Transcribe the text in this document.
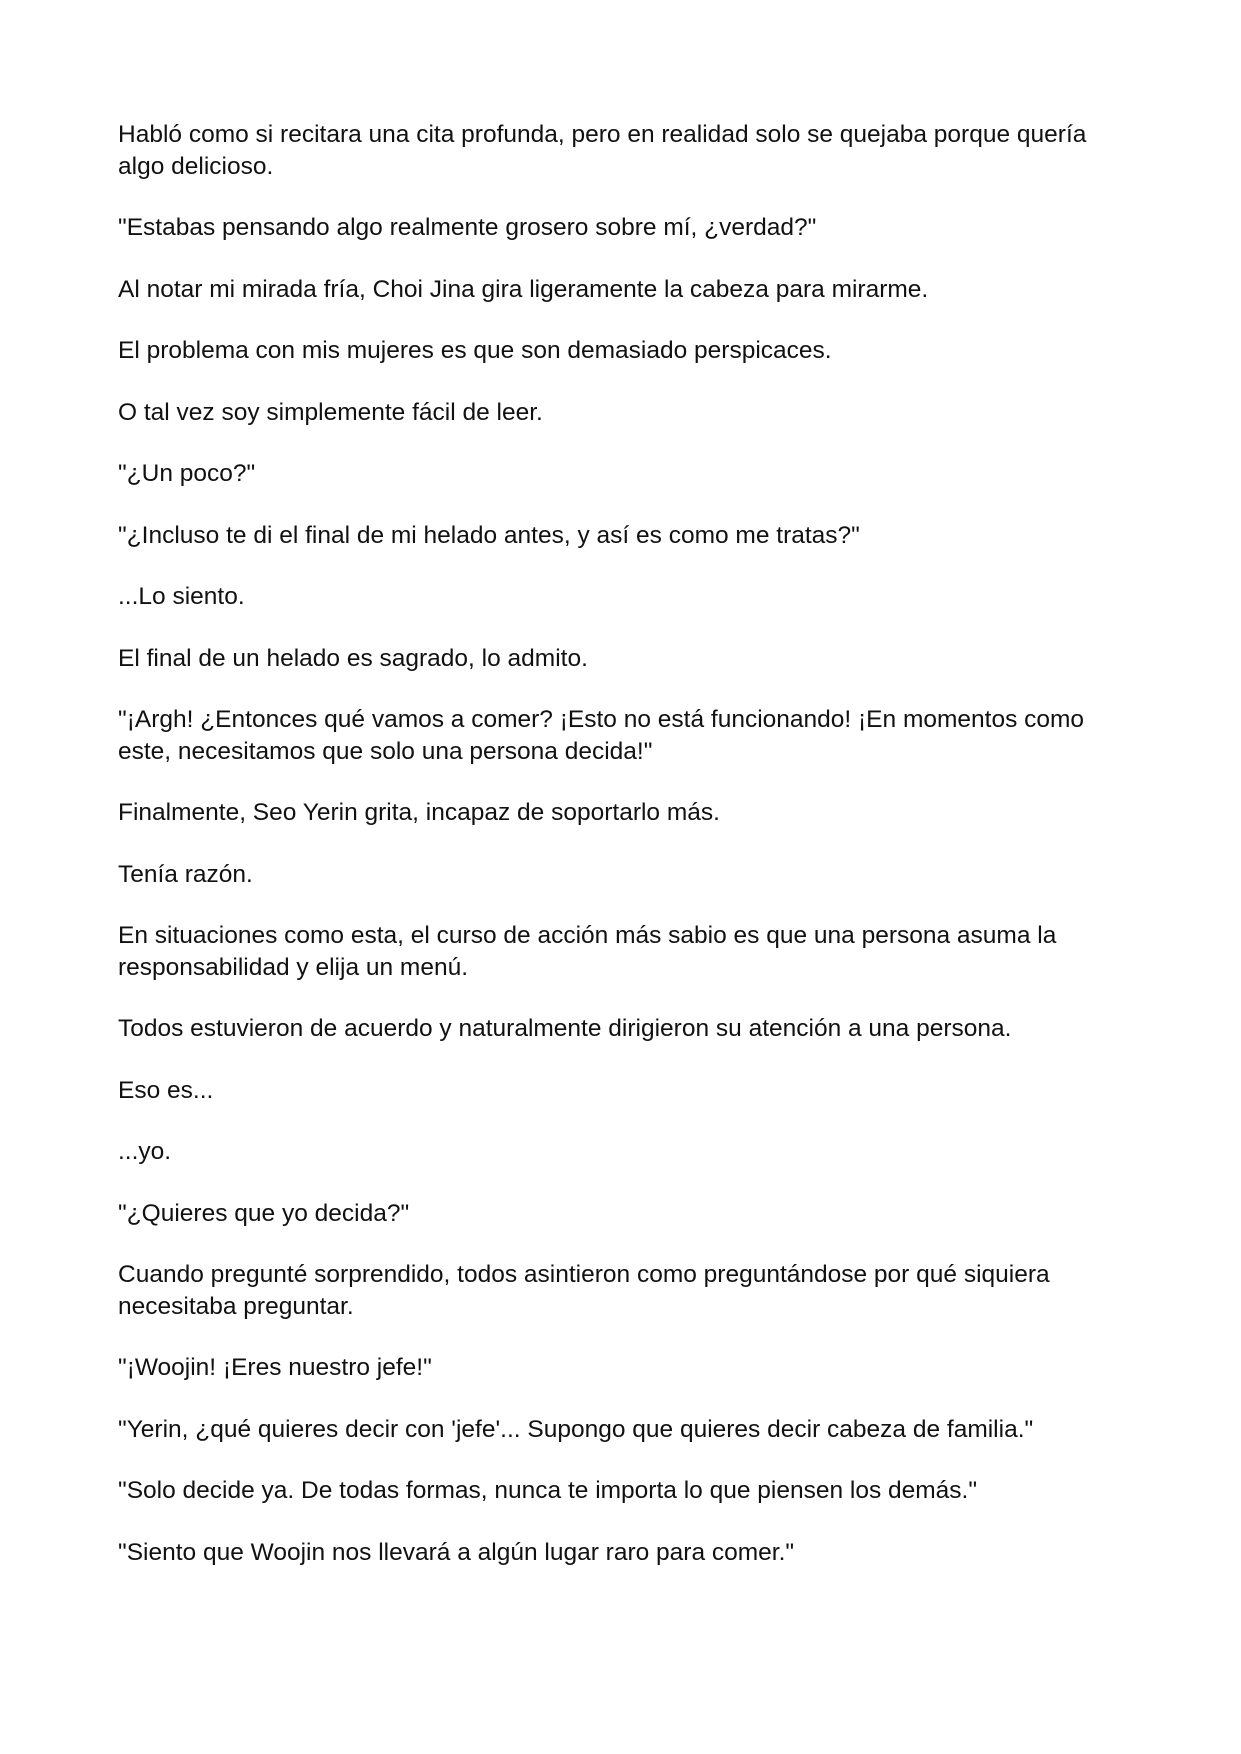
Habló como si recitara una cita profunda, pero en realidad solo se quejaba porque quería algo delicioso.

"Estabas pensando algo realmente grosero sobre mí, ¿verdad?"

Al notar mi mirada fría, Choi Jina gira ligeramente la cabeza para mirarme.

El problema con mis mujeres es que son demasiado perspicaces.

O tal vez soy simplemente fácil de leer.

"¿Un poco?"

"¿Incluso te di el final de mi helado antes, y así es como me tratas?"

...Lo siento.

El final de un helado es sagrado, lo admito.

"¡Argh! ¿Entonces qué vamos a comer? ¡Esto no está funcionando! ¡En momentos como este, necesitamos que solo una persona decida!"

Finalmente, Seo Yerin grita, incapaz de soportarlo más.

Tenía razón.

En situaciones como esta, el curso de acción más sabio es que una persona asuma la responsabilidad y elija un menú.

Todos estuvieron de acuerdo y naturalmente dirigieron su atención a una persona.

Eso es...

...yo.

"¿Quieres que yo decida?"

Cuando pregunté sorprendido, todos asintieron como preguntándose por qué siquiera necesitaba preguntar.

"¡Woojin! ¡Eres nuestro jefe!"

"Yerin, ¿qué quieres decir con 'jefe'... Supongo que quieres decir cabeza de familia."

"Solo decide ya. De todas formas, nunca te importa lo que piensen los demás."

"Siento que Woojin nos llevará a algún lugar raro para comer."
